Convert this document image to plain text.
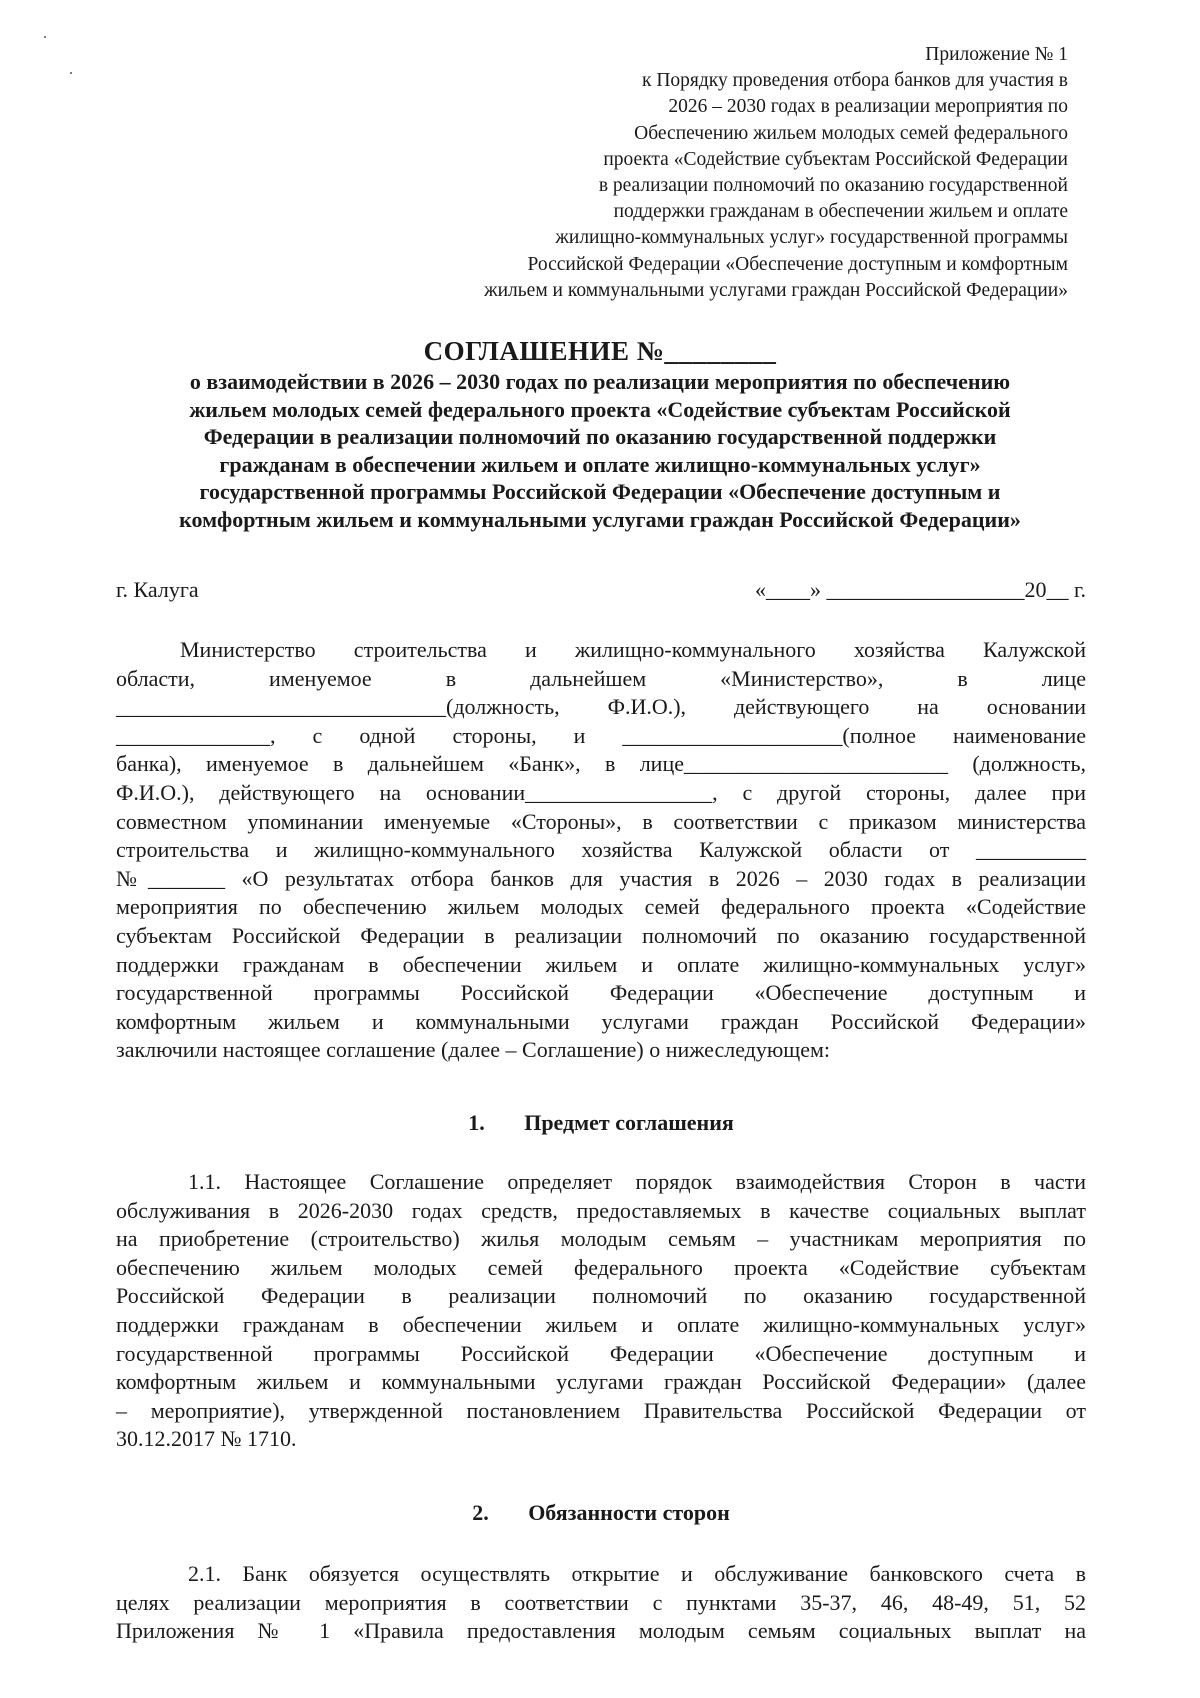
Приложение № 1
к Порядку проведения отбора банков для участия в
2026 – 2030 годах в реализации мероприятия по
Обеспечению жильем молодых семей федерального
проекта «Содействие субъектам Российской Федерации
в реализации полномочий по оказанию государственной
поддержки гражданам в обеспечении жильем и оплате
жилищно-коммунальных услуг» государственной программы
Российской Федерации «Обеспечение доступным и комфортным
жильем и коммунальными услугами граждан Российской Федерации»
СОГЛАШЕНИЕ №________
о взаимодействии в 2026 – 2030 годах по реализации мероприятия по обеспечению
жильем молодых семей федерального проекта «Содействие субъектам Российской
Федерации в реализации полномочий по оказанию государственной поддержки
гражданам в обеспечении жильем и оплате жилищно-коммунальных услуг»
государственной программы Российской Федерации «Обеспечение доступным и
комфортным жильем и коммунальными услугами граждан Российской Федерации»
г. Калуга	«____» __________________20__ г.
Министерство строительства и жилищно-коммунального хозяйства Калужской
области, именуемое в дальнейшем «Министерство», в лице
______________________________(должность, Ф.И.О.), действующего на основании
______________, с одной стороны, и ____________________(полное наименование
банка), именуемое в дальнейшем «Банк», в лице________________________ (должность,
Ф.И.О.), действующего на основании_________________, с другой стороны, далее при
совместном упоминании именуемые «Стороны», в соответствии с приказом министерства
строительства и жилищно-коммунального хозяйства Калужской области от __________
№_______ «О результатах отбора банков для участия в 2026 – 2030 годах в реализации
мероприятия по обеспечению жильем молодых семей федерального проекта «Содействие
субъектам Российской Федерации в реализации полномочий по оказанию государственной
поддержки гражданам в обеспечении жильем и оплате жилищно-коммунальных услуг»
государственной программы Российской Федерации «Обеспечение доступным и
комфортным жильем и коммунальными услугами граждан Российской Федерации»
заключили настоящее соглашение (далее – Соглашение) о нижеследующем:
1. Предмет соглашения
1.1. Настоящее Соглашение определяет порядок взаимодействия Сторон в части
обслуживания в 2026-2030 годах средств, предоставляемых в качестве социальных выплат
на приобретение (строительство) жилья молодым семьям – участникам мероприятия по
обеспечению жильем молодых семей федерального проекта «Содействие субъектам
Российской Федерации в реализации полномочий по оказанию государственной
поддержки гражданам в обеспечении жильем и оплате жилищно-коммунальных услуг»
государственной программы Российской Федерации «Обеспечение доступным и
комфортным жильем и коммунальными услугами граждан Российской Федерации» (далее
– мероприятие), утвержденной постановлением Правительства Российской Федерации от
30.12.2017 № 1710.
2. Обязанности сторон
2.1. Банк обязуется осуществлять открытие и обслуживание банковского счета в
целях реализации мероприятия в соответствии с пунктами 35-37, 46, 48-49, 51, 52
Приложения № 1 «Правила предоставления молодым семьям социальных выплат на
